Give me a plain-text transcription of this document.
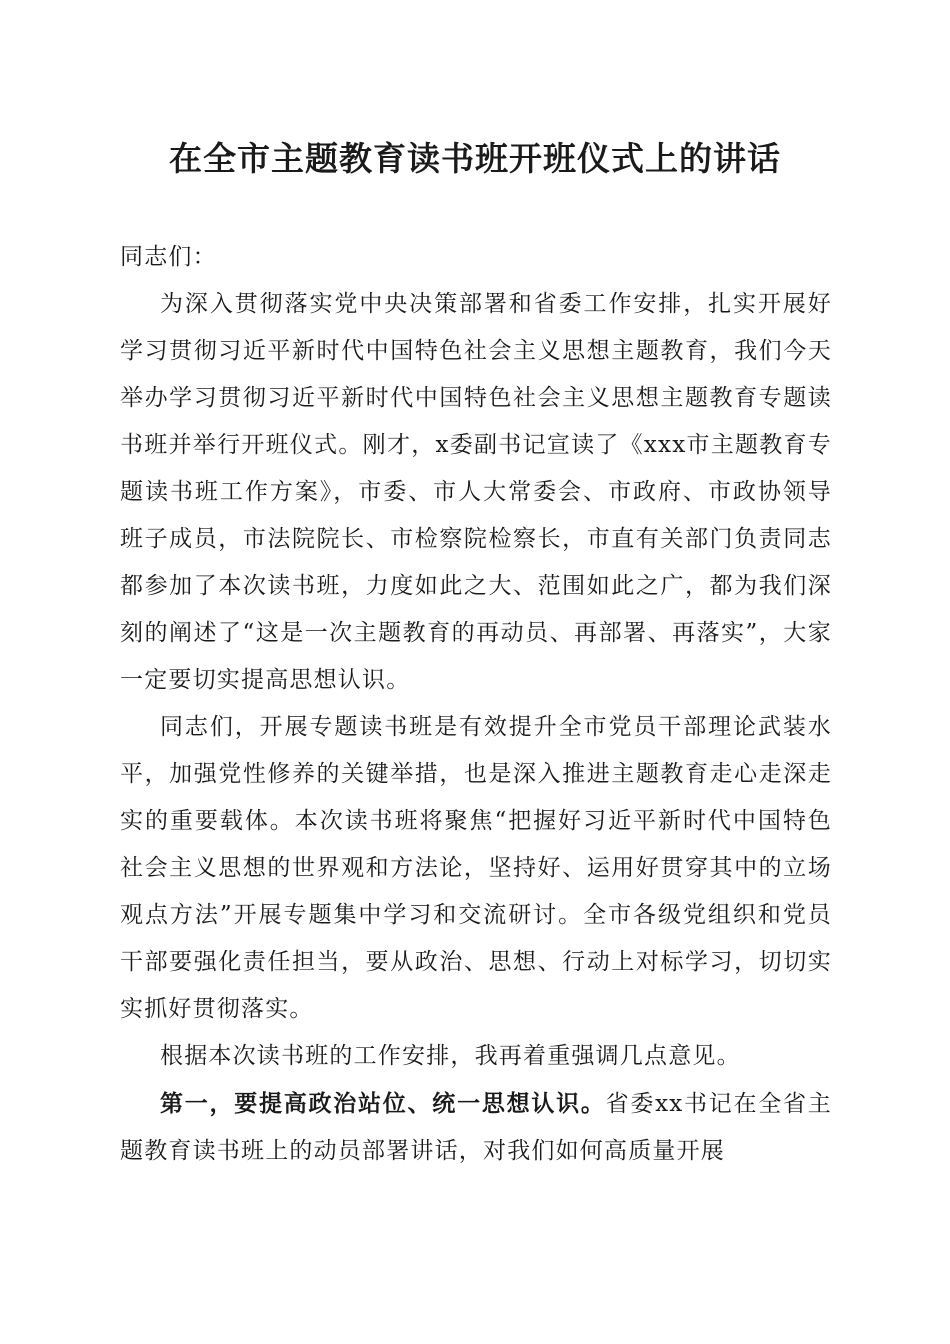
在全市主题教育读书班开班仪式上的讲话

同志们：

为深入贯彻落实党中央决策部署和省委工作安排，扎实开展好学习贯彻习近平新时代中国特色社会主义思想主题教育，我们今天举办学习贯彻习近平新时代中国特色社会主义思想主题教育专题读书班并举行开班仪式。刚才，x委副书记宣读了《xxx市主题教育专题读书班工作方案》，市委、市人大常委会、市政府、市政协领导班子成员，市法院院长、市检察院检察长，市直有关部门负责同志都参加了本次读书班，力度如此之大、范围如此之广，都为我们深刻的阐述了“这是一次主题教育的再动员、再部署、再落实”，大家一定要切实提高思想认识。

同志们，开展专题读书班是有效提升全市党员干部理论武装水平，加强党性修养的关键举措，也是深入推进主题教育走心走深走实的重要载体。本次读书班将聚焦“把握好习近平新时代中国特色社会主义思想的世界观和方法论，坚持好、运用好贯穿其中的立场观点方法”开展专题集中学习和交流研讨。全市各级党组织和党员干部要强化责任担当，要从政治、思想、行动上对标学习，切切实实抓好贯彻落实。

根据本次读书班的工作安排，我再着重强调几点意见。

第一，要提高政治站位、统一思想认识。省委xx书记在全省主题教育读书班上的动员部署讲话，对我们如何高质量开展
